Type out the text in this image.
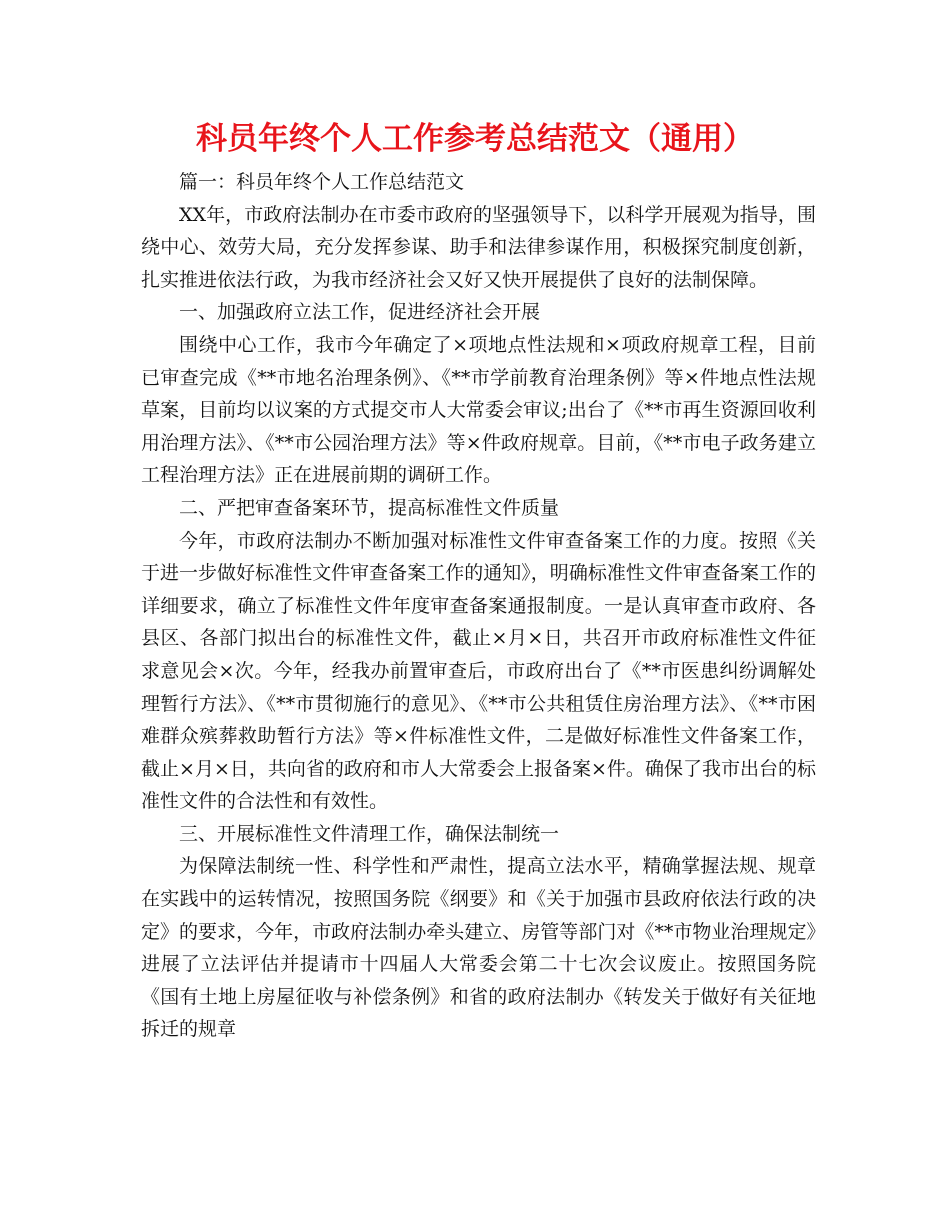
科员年终个人工作参考总结范文（通用）

篇一：科员年终个人工作总结范文

XX年，市政府法制办在市委市政府的坚强领导下，以科学开展观为指导，围绕中心、效劳大局，充分发挥参谋、助手和法律参谋作用，积极探究制度创新，扎实推进依法行政，为我市经济社会又好又快开展提供了良好的法制保障。

一、加强政府立法工作，促进经济社会开展

围绕中心工作，我市今年确定了×项地点性法规和×项政府规章工程，目前已审查完成《**市地名治理条例》、《**市学前教育治理条例》等×件地点性法规草案，目前均以议案的方式提交市人大常委会审议;出台了《**市再生资源回收利用治理方法》、《**市公园治理方法》等×件政府规章。目前，《**市电子政务建立工程治理方法》正在进展前期的调研工作。

二、严把审查备案环节，提高标准性文件质量

今年，市政府法制办不断加强对标准性文件审查备案工作的力度。按照《关于进一步做好标准性文件审查备案工作的通知》，明确标准性文件审查备案工作的详细要求，确立了标准性文件年度审查备案通报制度。一是认真审查市政府、各县区、各部门拟出台的标准性文件，截止×月×日，共召开市政府标准性文件征求意见会×次。今年，经我办前置审查后，市政府出台了《**市医患纠纷调解处理暂行方法》、《**市贯彻施行的意见》、《**市公共租赁住房治理方法》、《**市困难群众殡葬救助暂行方法》等×件标准性文件，二是做好标准性文件备案工作，截止×月×日，共向省的政府和市人大常委会上报备案×件。确保了我市出台的标准性文件的合法性和有效性。

三、开展标准性文件清理工作，确保法制统一

为保障法制统一性、科学性和严肃性，提高立法水平，精确掌握法规、规章在实践中的运转情况，按照国务院《纲要》和《关于加强市县政府依法行政的决定》的要求，今年，市政府法制办牵头建立、房管等部门对《**市物业治理规定》进展了立法评估并提请市十四届人大常委会第二十七次会议废止。按照国务院《国有土地上房屋征收与补偿条例》和省的政府法制办《转发关于做好有关征地拆迁的规章
